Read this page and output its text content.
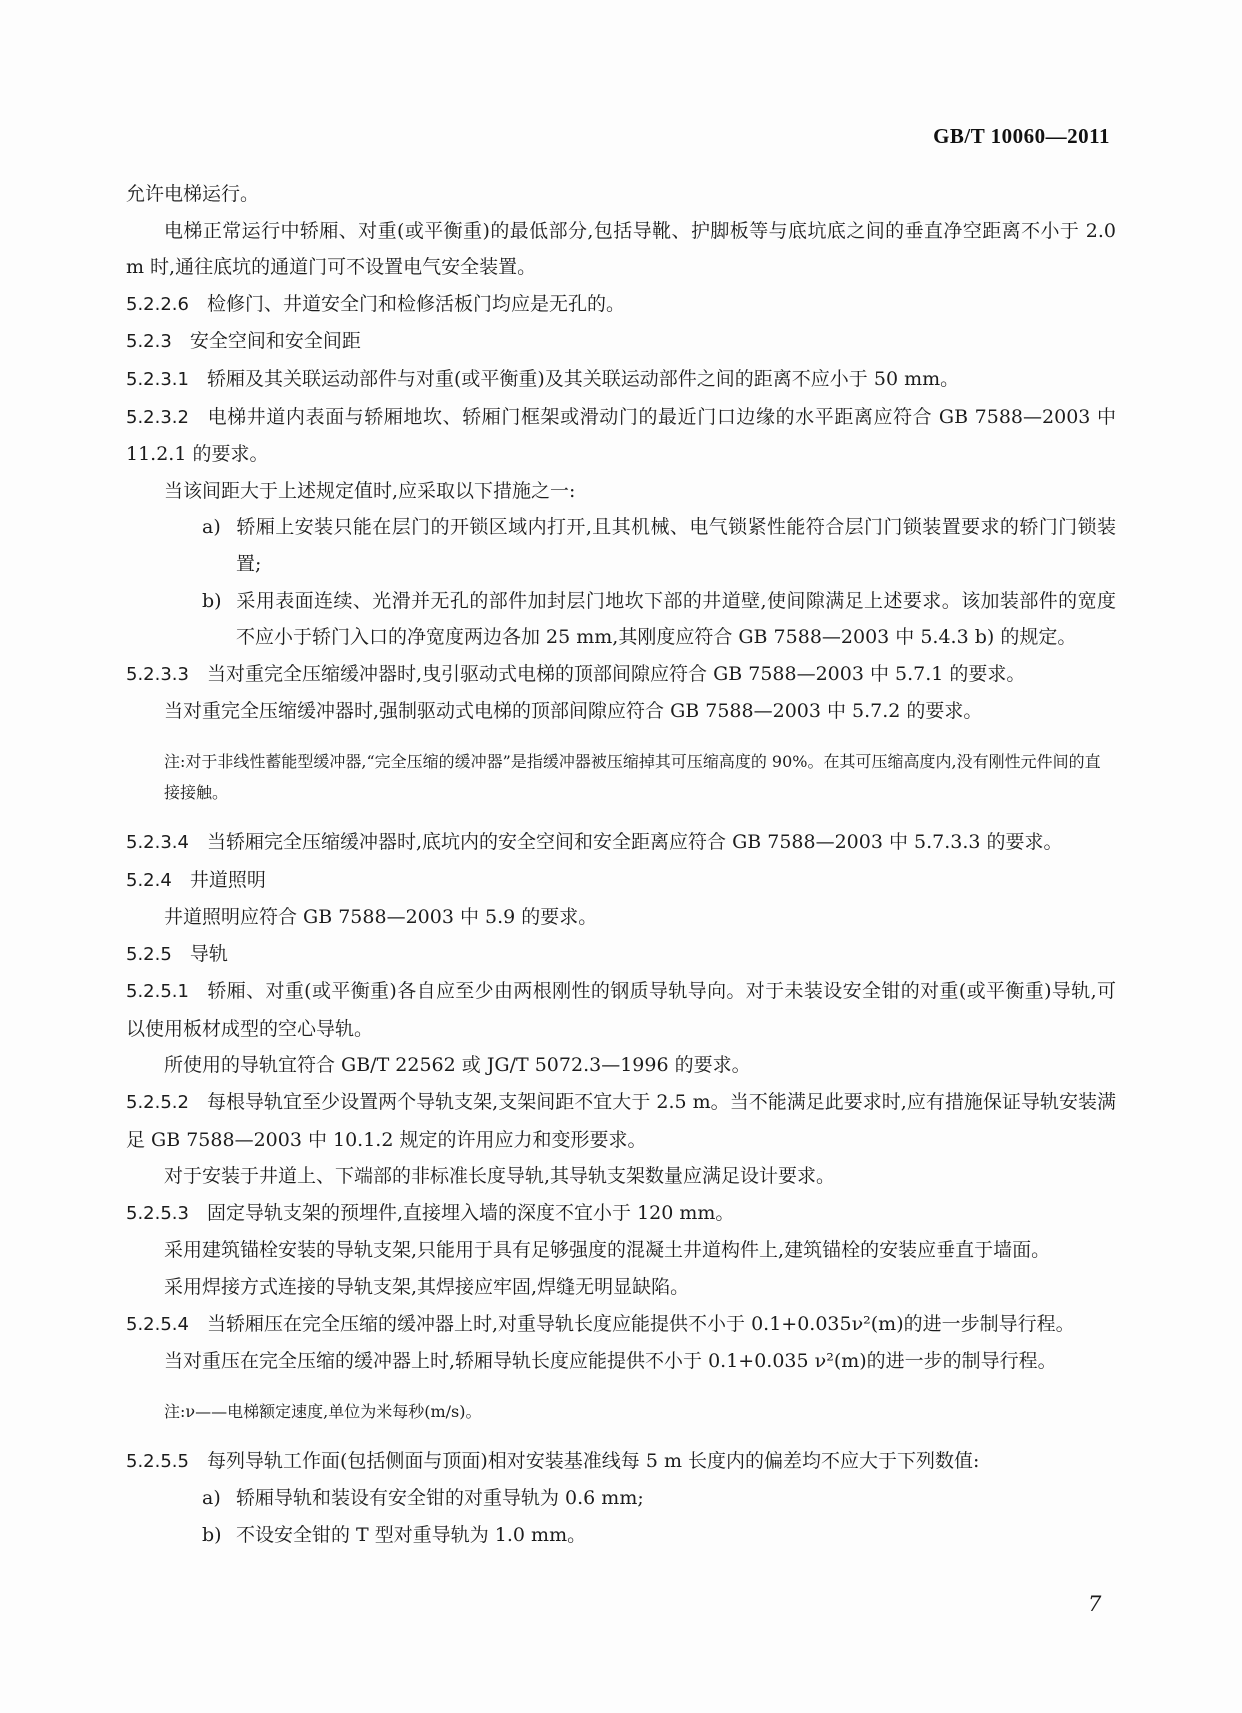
GB/T 10060—2011

允许电梯运行。

电梯正常运行中轿厢、对重(或平衡重)的最低部分,包括导靴、护脚板等与底坑底之间的垂直净空距离不小于 2.0 m 时,通往底坑的通道门可不设置电气安全装置。

5.2.2.6 检修门、井道安全门和检修活板门均应是无孔的。

5.2.3 安全空间和安全间距

5.2.3.1 轿厢及其关联运动部件与对重(或平衡重)及其关联运动部件之间的距离不应小于 50 mm。

5.2.3.2 电梯井道内表面与轿厢地坎、轿厢门框架或滑动门的最近门口边缘的水平距离应符合 GB 7588—2003 中 11.2.1 的要求。

当该间距大于上述规定值时,应采取以下措施之一:

a) 轿厢上安装只能在层门的开锁区域内打开,且其机械、电气锁紧性能符合层门门锁装置要求的轿门门锁装置;

b) 采用表面连续、光滑并无孔的部件加封层门地坎下部的井道壁,使间隙满足上述要求。该加装部件的宽度不应小于轿门入口的净宽度两边各加 25 mm,其刚度应符合 GB 7588—2003 中 5.4.3 b) 的规定。

5.2.3.3 当对重完全压缩缓冲器时,曳引驱动式电梯的顶部间隙应符合 GB 7588—2003 中 5.7.1 的要求。

当对重完全压缩缓冲器时,强制驱动式电梯的顶部间隙应符合 GB 7588—2003 中 5.7.2 的要求。

注:对于非线性蓄能型缓冲器,“完全压缩的缓冲器”是指缓冲器被压缩掉其可压缩高度的 90%。在其可压缩高度内,没有刚性元件间的直接接触。

5.2.3.4 当轿厢完全压缩缓冲器时,底坑内的安全空间和安全距离应符合 GB 7588—2003 中 5.7.3.3 的要求。

5.2.4 井道照明

井道照明应符合 GB 7588—2003 中 5.9 的要求。

5.2.5 导轨

5.2.5.1 轿厢、对重(或平衡重)各自应至少由两根刚性的钢质导轨导向。对于未装设安全钳的对重(或平衡重)导轨,可以使用板材成型的空心导轨。

所使用的导轨宜符合 GB/T 22562 或 JG/T 5072.3—1996 的要求。

5.2.5.2 每根导轨宜至少设置两个导轨支架,支架间距不宜大于 2.5 m。当不能满足此要求时,应有措施保证导轨安装满足 GB 7588—2003 中 10.1.2 规定的许用应力和变形要求。

对于安装于井道上、下端部的非标准长度导轨,其导轨支架数量应满足设计要求。

5.2.5.3 固定导轨支架的预埋件,直接埋入墙的深度不宜小于 120 mm。

采用建筑锚栓安装的导轨支架,只能用于具有足够强度的混凝土井道构件上,建筑锚栓的安装应垂直于墙面。

采用焊接方式连接的导轨支架,其焊接应牢固,焊缝无明显缺陷。

5.2.5.4 当轿厢压在完全压缩的缓冲器上时,对重导轨长度应能提供不小于 0.1+0.035ν²(m)的进一步制导行程。

当对重压在完全压缩的缓冲器上时,轿厢导轨长度应能提供不小于 0.1+0.035 ν²(m)的进一步的制导行程。

注:ν——电梯额定速度,单位为米每秒(m/s)。

5.2.5.5 每列导轨工作面(包括侧面与顶面)相对安装基准线每 5 m 长度内的偏差均不应大于下列数值:

a) 轿厢导轨和装设有安全钳的对重导轨为 0.6 mm;

b) 不设安全钳的 T 型对重导轨为 1.0 mm。

7
